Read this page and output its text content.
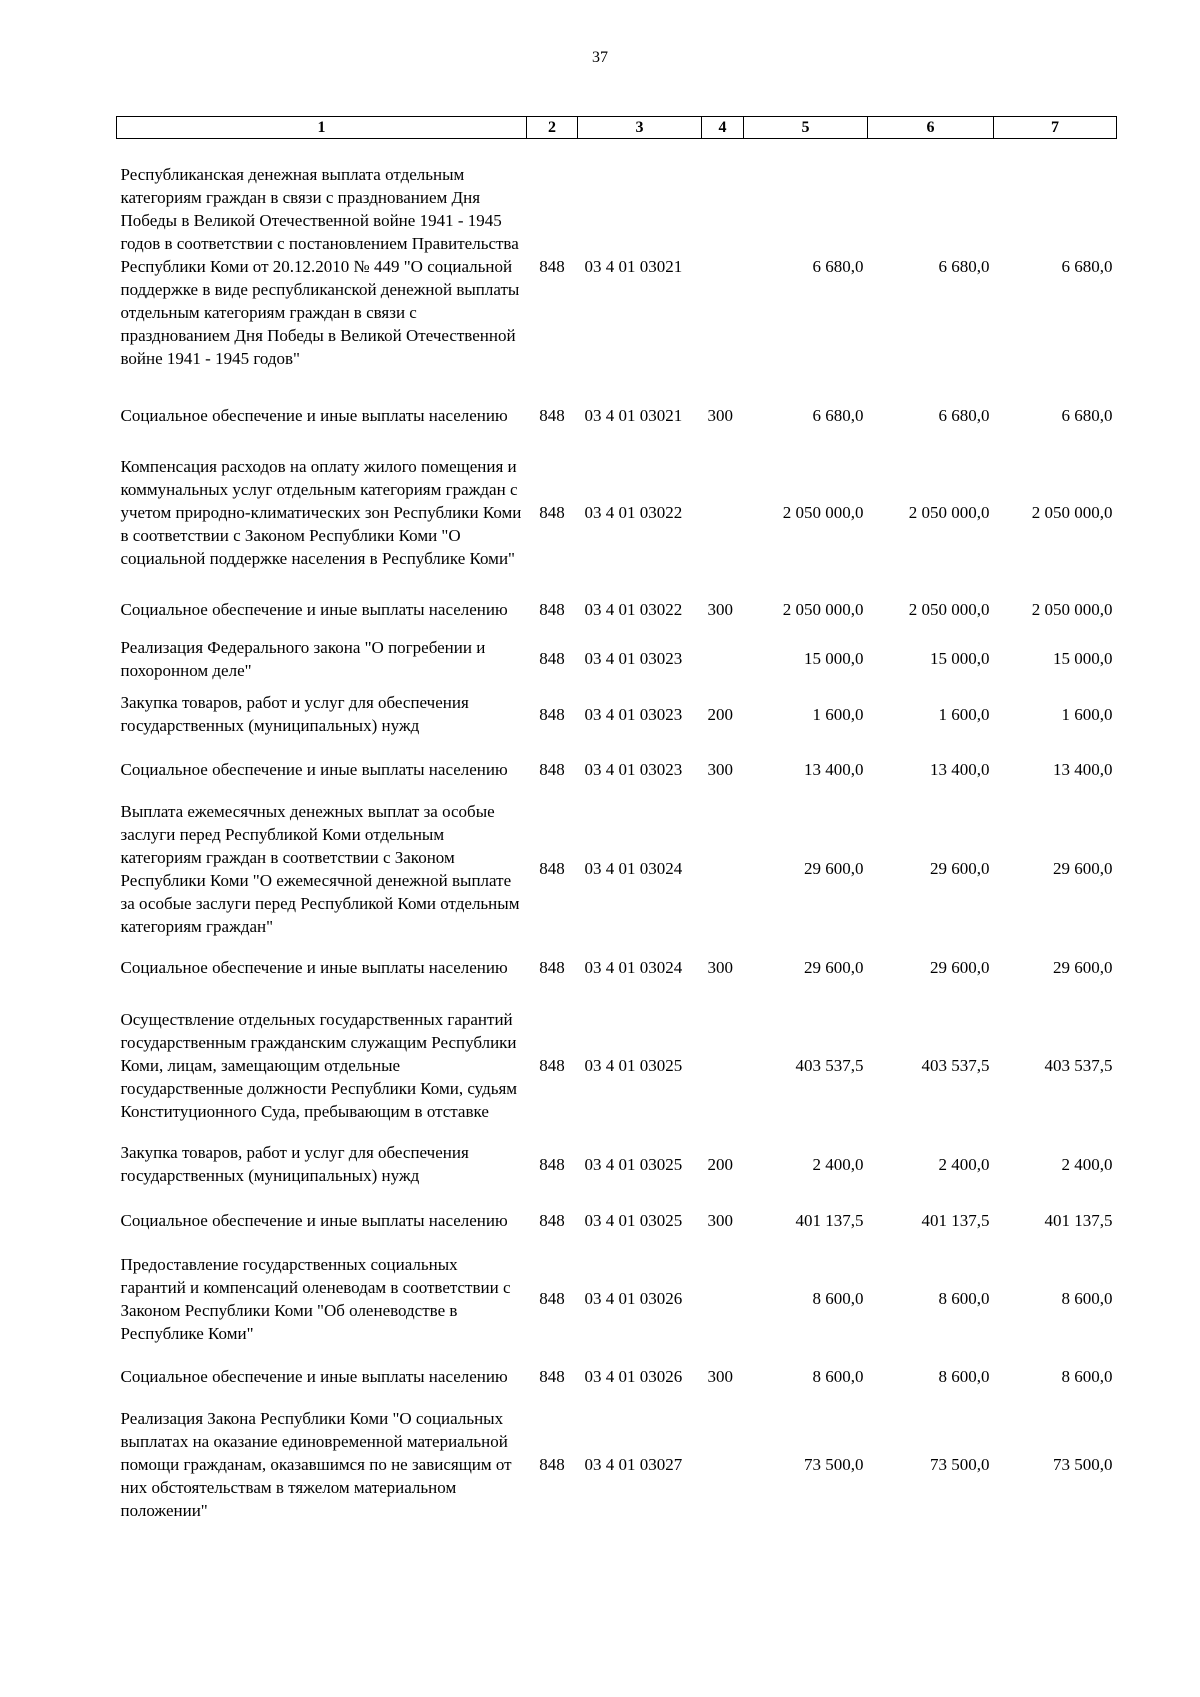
37
1	2	3	4	5	6	7
Республиканская денежная выплата отдельным категориям граждан в связи с празднованием Дня Победы в Великой Отечественной войне 1941 - 1945 годов в соответствии с постановлением Правительства Республики Коми от 20.12.2010 № 449 "О социальной поддержке в виде республиканской денежной выплаты отдельным категориям граждан в связи с празднованием Дня Победы в Великой Отечественной войне 1941 - 1945 годов"	848	03 4 01 03021		6 680,0	6 680,0	6 680,0
Социальное обеспечение и иные выплаты населению	848	03 4 01 03021	300	6 680,0	6 680,0	6 680,0
Компенсация расходов на оплату жилого помещения и коммунальных услуг отдельным категориям граждан с учетом природно-климатических зон Республики Коми в соответствии с Законом Республики Коми "О социальной поддержке населения в Республике Коми"	848	03 4 01 03022		2 050 000,0	2 050 000,0	2 050 000,0
Социальное обеспечение и иные выплаты населению	848	03 4 01 03022	300	2 050 000,0	2 050 000,0	2 050 000,0
Реализация Федерального закона "О погребении и похоронном деле"	848	03 4 01 03023		15 000,0	15 000,0	15 000,0
Закупка товаров, работ и услуг для обеспечения государственных (муниципальных) нужд	848	03 4 01 03023	200	1 600,0	1 600,0	1 600,0
Социальное обеспечение и иные выплаты населению	848	03 4 01 03023	300	13 400,0	13 400,0	13 400,0
Выплата ежемесячных денежных выплат за особые заслуги перед Республикой Коми отдельным категориям граждан в соответствии с Законом Республики Коми "О ежемесячной денежной выплате за особые заслуги перед Республикой Коми отдельным категориям граждан"	848	03 4 01 03024		29 600,0	29 600,0	29 600,0
Социальное обеспечение и иные выплаты населению	848	03 4 01 03024	300	29 600,0	29 600,0	29 600,0
Осуществление отдельных государственных гарантий государственным гражданским служащим Республики Коми, лицам, замещающим отдельные государственные должности Республики Коми, судьям Конституционного Суда, пребывающим в отставке	848	03 4 01 03025		403 537,5	403 537,5	403 537,5
Закупка товаров, работ и услуг для обеспечения государственных (муниципальных) нужд	848	03 4 01 03025	200	2 400,0	2 400,0	2 400,0
Социальное обеспечение и иные выплаты населению	848	03 4 01 03025	300	401 137,5	401 137,5	401 137,5
Предоставление государственных социальных гарантий и компенсаций оленеводам в соответствии с Законом Республики Коми "Об оленеводстве в Республике Коми"	848	03 4 01 03026		8 600,0	8 600,0	8 600,0
Социальное обеспечение и иные выплаты населению	848	03 4 01 03026	300	8 600,0	8 600,0	8 600,0
Реализация Закона Республики Коми "О социальных выплатах на оказание единовременной материальной помощи гражданам, оказавшимся по не зависящим от них обстоятельствам в тяжелом материальном положении"	848	03 4 01 03027		73 500,0	73 500,0	73 500,0
